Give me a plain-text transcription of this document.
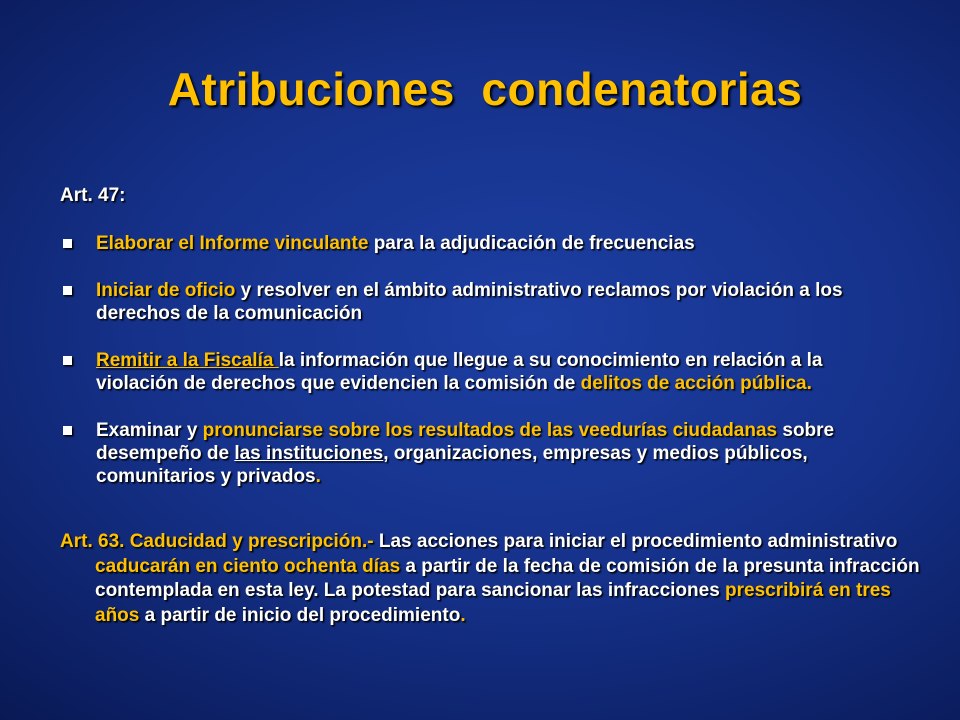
Atribuciones  condenatorias
Art. 47:
Elaborar el Informe vinculante para la adjudicación de frecuencias
Iniciar de oficio y resolver en el ámbito administrativo reclamos por violación a los derechos de la comunicación
Remitir a la Fiscalía la información que llegue a su conocimiento en relación a la violación de derechos que evidencien la comisión de delitos de acción pública.
Examinar y pronunciarse sobre los resultados de las veedurías ciudadanas sobre desempeño de las instituciones, organizaciones, empresas y medios públicos, comunitarios y privados.
Art. 63. Caducidad y prescripción.- Las acciones para iniciar el procedimiento administrativo caducarán en ciento ochenta días a partir de la fecha de comisión de la presunta infracción contemplada en esta ley. La potestad para sancionar las infracciones prescribirá en tres años a partir de inicio del procedimiento.
